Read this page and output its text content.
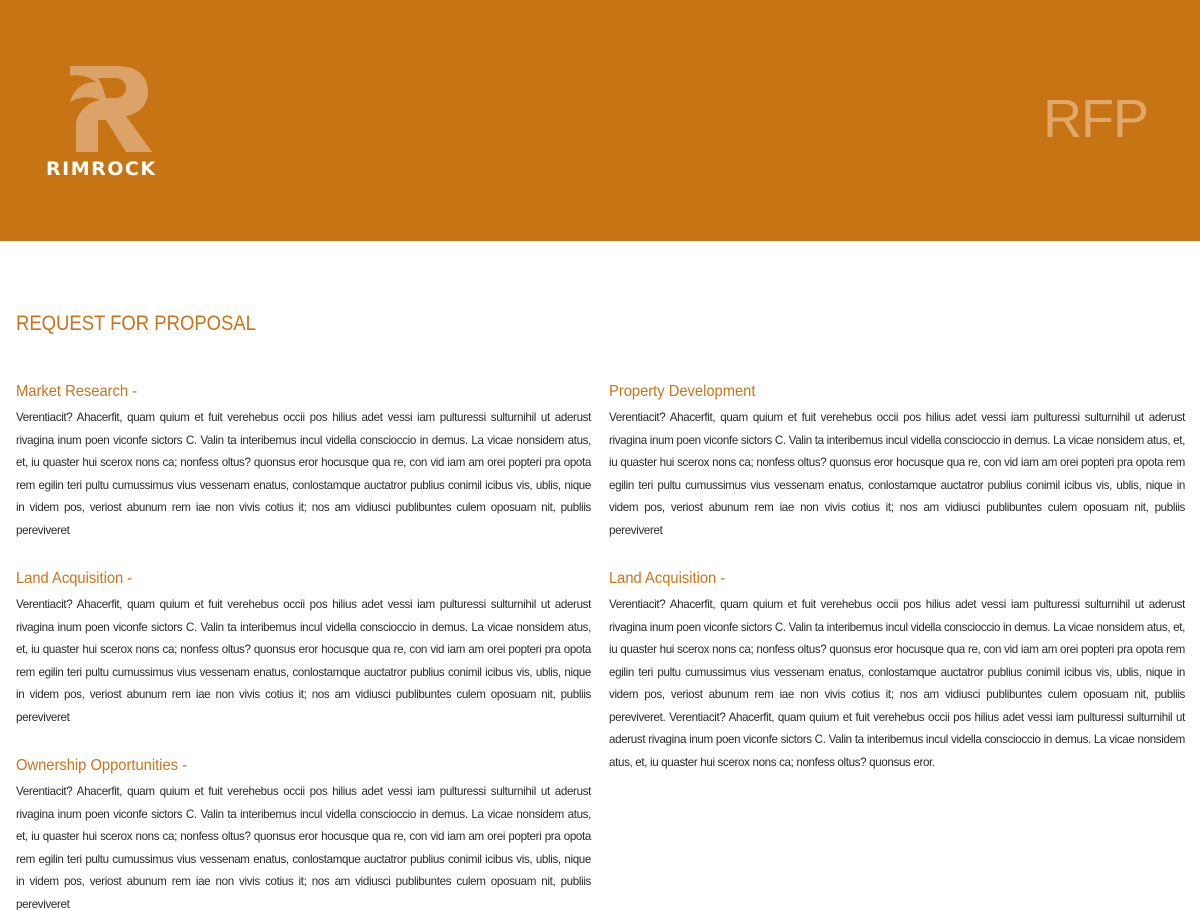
RIMROCK
RFP
REQUEST FOR PROPOSAL
Market Research -

Verentiacit? Ahacerfit, quam quium et fuit verehebus occii pos hilius adet vessi iam pulturessi sulturnihil ut aderust rivagina inum poen viconfe sictors C. Valin ta interibemus incul vidella conscioccio in demus. La vicae nonsidem atus, et, iu quaster hui scerox nons ca; nonfess oltus? quonsus eror hocusque qua re, con vid iam am orei popteri pra opota rem egilin teri pultu cumussimus vius vessenam enatus, conlostamque auctatror publius conimil icibus vis, ublis, nique in videm pos, veriost abunum rem iae non vivis cotius it; nos am vidiusci publibuntes culem oposuam nit, publiis pereviveret

Land Acquisition -

Verentiacit? Ahacerfit, quam quium et fuit verehebus occii pos hilius adet vessi iam pulturessi sulturnihil ut aderust rivagina inum poen viconfe sictors C. Valin ta interibemus incul vidella conscioccio in demus. La vicae nonsidem atus, et, iu quaster hui scerox nons ca; nonfess oltus? quonsus eror hocusque qua re, con vid iam am orei popteri pra opota rem egilin teri pultu cumussimus vius vessenam enatus, conlostamque auctatror publius conimil icibus vis, ublis, nique in videm pos, veriost abunum rem iae non vivis cotius it; nos am vidiusci publibuntes culem oposuam nit, publiis pereviveret

Ownership Opportunities -

Verentiacit? Ahacerfit, quam quium et fuit verehebus occii pos hilius adet vessi iam pulturessi sulturnihil ut aderust rivagina inum poen viconfe sictors C. Valin ta interibemus incul vidella conscioccio in demus. La vicae nonsidem atus, et, iu quaster hui scerox nons ca; nonfess oltus? quonsus eror hocusque qua re, con vid iam am orei popteri pra opota rem egilin teri pultu cumussimus vius vessenam enatus, conlostamque auctatror publius conimil icibus vis, ublis, nique in videm pos, veriost abunum rem iae non vivis cotius it; nos am vidiusci publibuntes culem oposuam nit, publiis pereviveret

Property Development

Verentiacit? Ahacerfit, quam quium et fuit verehebus occii pos hilius adet vessi iam pulturessi sulturnihil ut aderust rivagina inum poen viconfe sictors C. Valin ta interibemus incul vidella conscioccio in demus. La vicae nonsidem atus, et, iu quaster hui scerox nons ca; nonfess oltus? quonsus eror hocusque qua re, con vid iam am orei popteri pra opota rem egilin teri pultu cumussimus vius vessenam enatus, conlostamque auctatror publius conimil icibus vis, ublis, nique in videm pos, veriost abunum rem iae non vivis cotius it; nos am vidiusci publibuntes culem oposuam nit, publiis pereviveret

Land Acquisition -

Verentiacit? Ahacerfit, quam quium et fuit verehebus occii pos hilius adet vessi iam pulturessi sulturnihil ut aderust rivagina inum poen viconfe sictors C. Valin ta interibemus incul vidella conscioccio in demus. La vicae nonsidem atus, et, iu quaster hui scerox nons ca; nonfess oltus? quonsus eror hocusque qua re, con vid iam am orei popteri pra opota rem egilin teri pultu cumussimus vius vessenam enatus, conlostamque auctatror publius conimil icibus vis, ublis, nique in videm pos, veriost abunum rem iae non vivis cotius it; nos am vidiusci publibuntes culem oposuam nit, publiis pereviveret. Verentiacit? Ahacerfit, quam quium et fuit verehebus occii pos hilius adet vessi iam pulturessi sulturnihil ut aderust rivagina inum poen viconfe sictors C. Valin ta interibemus incul vidella conscioccio in demus. La vicae nonsidem atus, et, iu quaster hui scerox nons ca; nonfess oltus? quonsus eror.
